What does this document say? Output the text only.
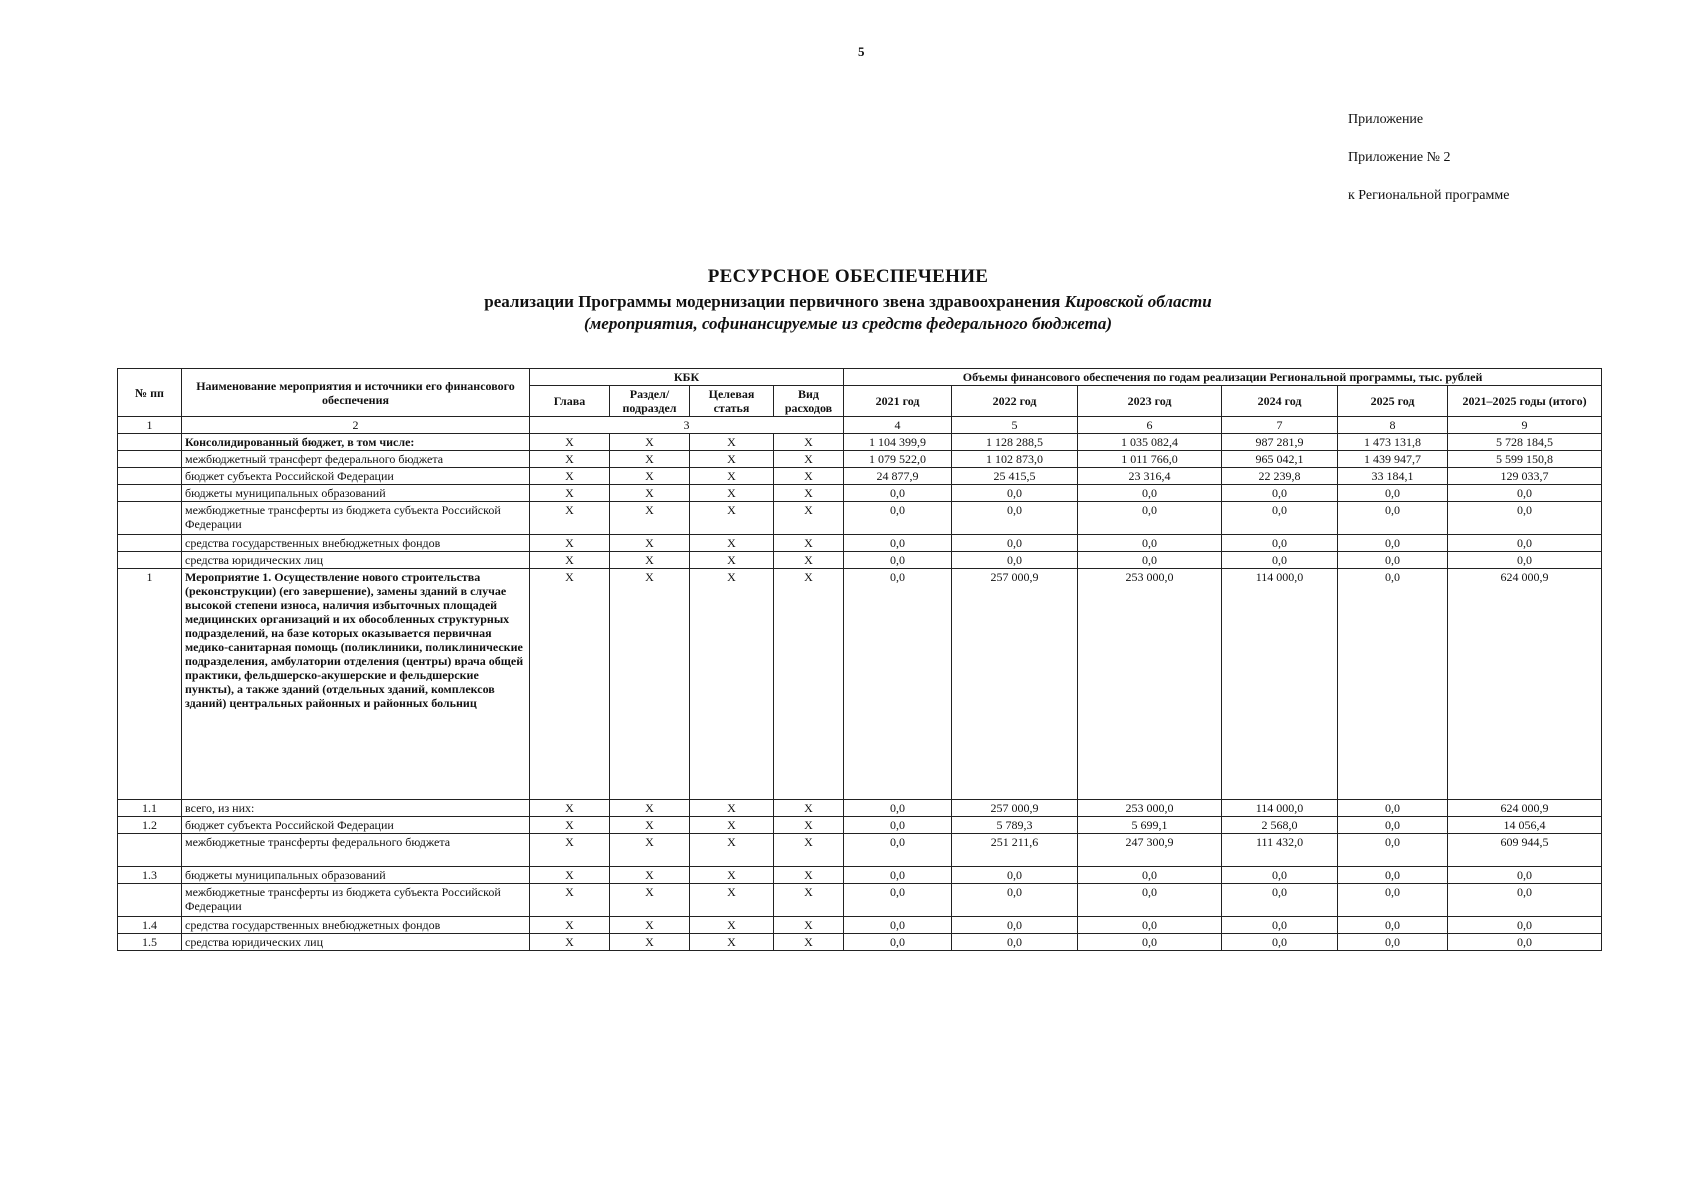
5
Приложение
Приложение № 2
к Региональной программе
РЕСУРСНОЕ ОБЕСПЕЧЕНИЕ
реализации Программы модернизации первичного звена здравоохранения Кировской области
(мероприятия, софинансируемые из средств федерального бюджета)
№ пп	Наименование мероприятия и источники его финансового обеспечения	КБК				Объемы финансового обеспечения по годам реализации Региональной программы, тыс. рублей					
		Глава	Раздел/ подраздел	Целевая статья	Вид расходов	2021 год	2022 год	2023 год	2024 год	2025 год	2021–2025 годы (итого)
1	2	3				4	5	6	7	8	9
	Консолидированный бюджет, в том числе:	X	X	X	X	1 104 399,9	1 128 288,5	1 035 082,4	987 281,9	1 473 131,8	5 728 184,5
	межбюджетный трансферт федерального бюджета	X	X	X	X	1 079 522,0	1 102 873,0	1 011 766,0	965 042,1	1 439 947,7	5 599 150,8
	бюджет субъекта Российской Федерации	X	X	X	X	24 877,9	25 415,5	23 316,4	22 239,8	33 184,1	129 033,7
	бюджеты муниципальных образований	X	X	X	X	0,0	0,0	0,0	0,0	0,0	0,0
	межбюджетные трансферты из бюджета субъекта Российской Федерации	X	X	X	X	0,0	0,0	0,0	0,0	0,0	0,0
	средства государственных внебюджетных фондов	X	X	X	X	0,0	0,0	0,0	0,0	0,0	0,0
	средства юридических лиц	X	X	X	X	0,0	0,0	0,0	0,0	0,0	0,0
1	Мероприятие 1. Осуществление нового строительства (реконструкции) (его завершение), замены зданий в случае высокой степени износа, наличия избыточных площадей медицинских организаций и их обособленных структурных подразделений, на базе которых оказывается первичная медико-санитарная помощь (поликлиники, поликлинические подразделения, амбулатории отделения (центры) врача общей практики, фельдшерско-акушерские и фельдшерские пункты), а также зданий (отдельных зданий, комплексов зданий) центральных районных и районных больниц	X	X	X	X	0,0	257 000,9	253 000,0	114 000,0	0,0	624 000,9
1.1	всего, из них:	X	X	X	X	0,0	257 000,9	253 000,0	114 000,0	0,0	624 000,9
1.2	бюджет субъекта Российской Федерации	X	X	X	X	0,0	5 789,3	5 699,1	2 568,0	0,0	14 056,4
	межбюджетные трансферты федерального бюджета	X	X	X	X	0,0	251 211,6	247 300,9	111 432,0	0,0	609 944,5
1.3	бюджеты муниципальных образований	X	X	X	X	0,0	0,0	0,0	0,0	0,0	0,0
	межбюджетные трансферты из бюджета субъекта Российской Федерации	X	X	X	X	0,0	0,0	0,0	0,0	0,0	0,0
1.4	средства государственных внебюджетных фондов	X	X	X	X	0,0	0,0	0,0	0,0	0,0	0,0
1.5	средства юридических лиц	X	X	X	X	0,0	0,0	0,0	0,0	0,0	0,0
